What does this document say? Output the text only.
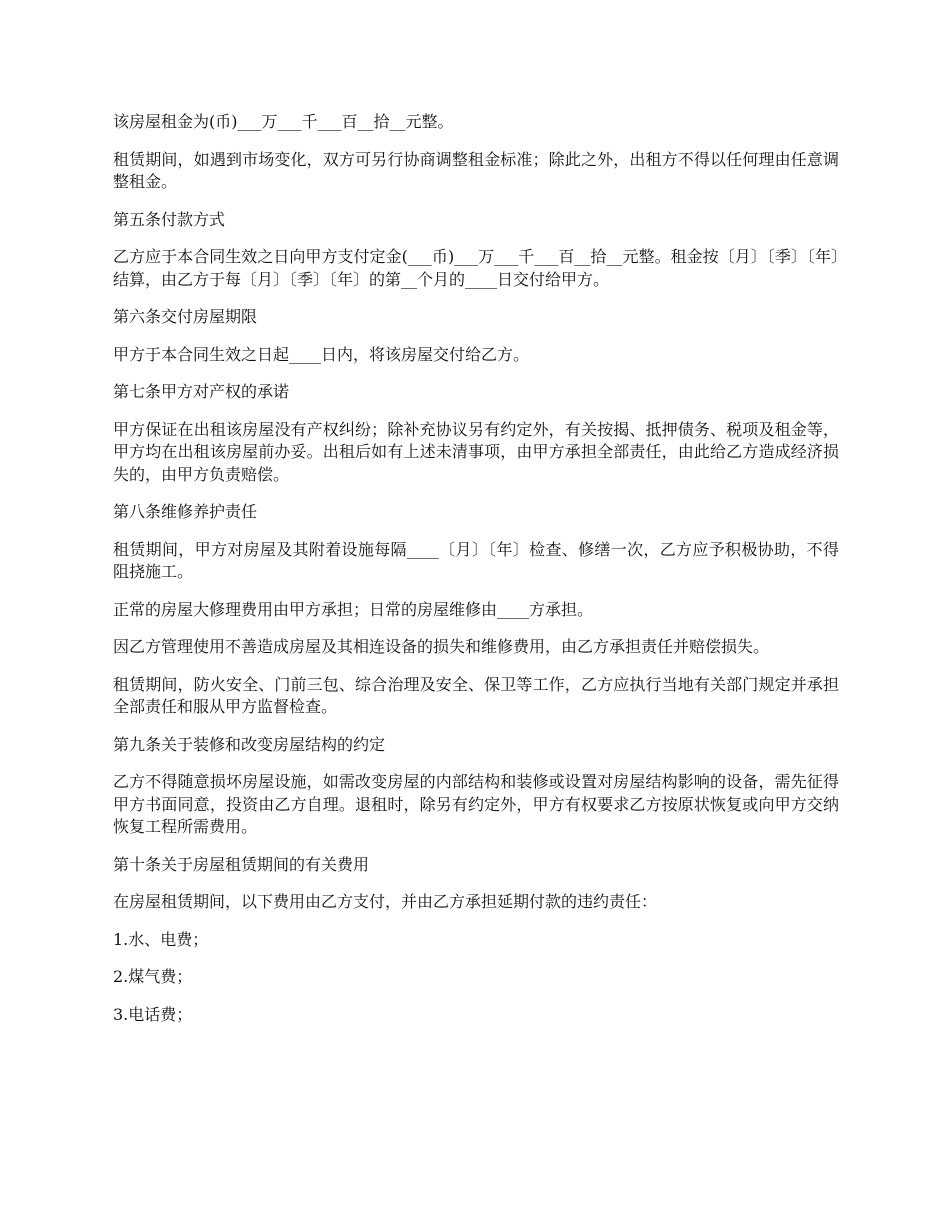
该房屋租金为(币)___万___千___百__拾__元整。

租赁期间，如遇到市场变化，双方可另行协商调整租金标准；除此之外，出租方不得以任何理由任意调整租金。

第五条付款方式

乙方应于本合同生效之日向甲方支付定金(___币)___万___千___百__拾__元整。租金按〔月〕〔季〕〔年〕结算，由乙方于每〔月〕〔季〕〔年〕的第__个月的____日交付给甲方。

第六条交付房屋期限

甲方于本合同生效之日起____日内，将该房屋交付给乙方。

第七条甲方对产权的承诺

甲方保证在出租该房屋没有产权纠纷；除补充协议另有约定外，有关按揭、抵押债务、税项及租金等，甲方均在出租该房屋前办妥。出租后如有上述未清事项，由甲方承担全部责任，由此给乙方造成经济损失的，由甲方负责赔偿。

第八条维修养护责任

租赁期间，甲方对房屋及其附着设施每隔____〔月〕〔年〕检查、修缮一次，乙方应予积极协助，不得阻挠施工。

正常的房屋大修理费用由甲方承担；日常的房屋维修由____方承担。

因乙方管理使用不善造成房屋及其相连设备的损失和维修费用，由乙方承担责任并赔偿损失。

租赁期间，防火安全、门前三包、综合治理及安全、保卫等工作，乙方应执行当地有关部门规定并承担全部责任和服从甲方监督检查。

第九条关于装修和改变房屋结构的约定

乙方不得随意损坏房屋设施，如需改变房屋的内部结构和装修或设置对房屋结构影响的设备，需先征得甲方书面同意，投资由乙方自理。退租时，除另有约定外，甲方有权要求乙方按原状恢复或向甲方交纳恢复工程所需费用。

第十条关于房屋租赁期间的有关费用

在房屋租赁期间，以下费用由乙方支付，并由乙方承担延期付款的违约责任：

1.水、电费；

2.煤气费；

3.电话费；
